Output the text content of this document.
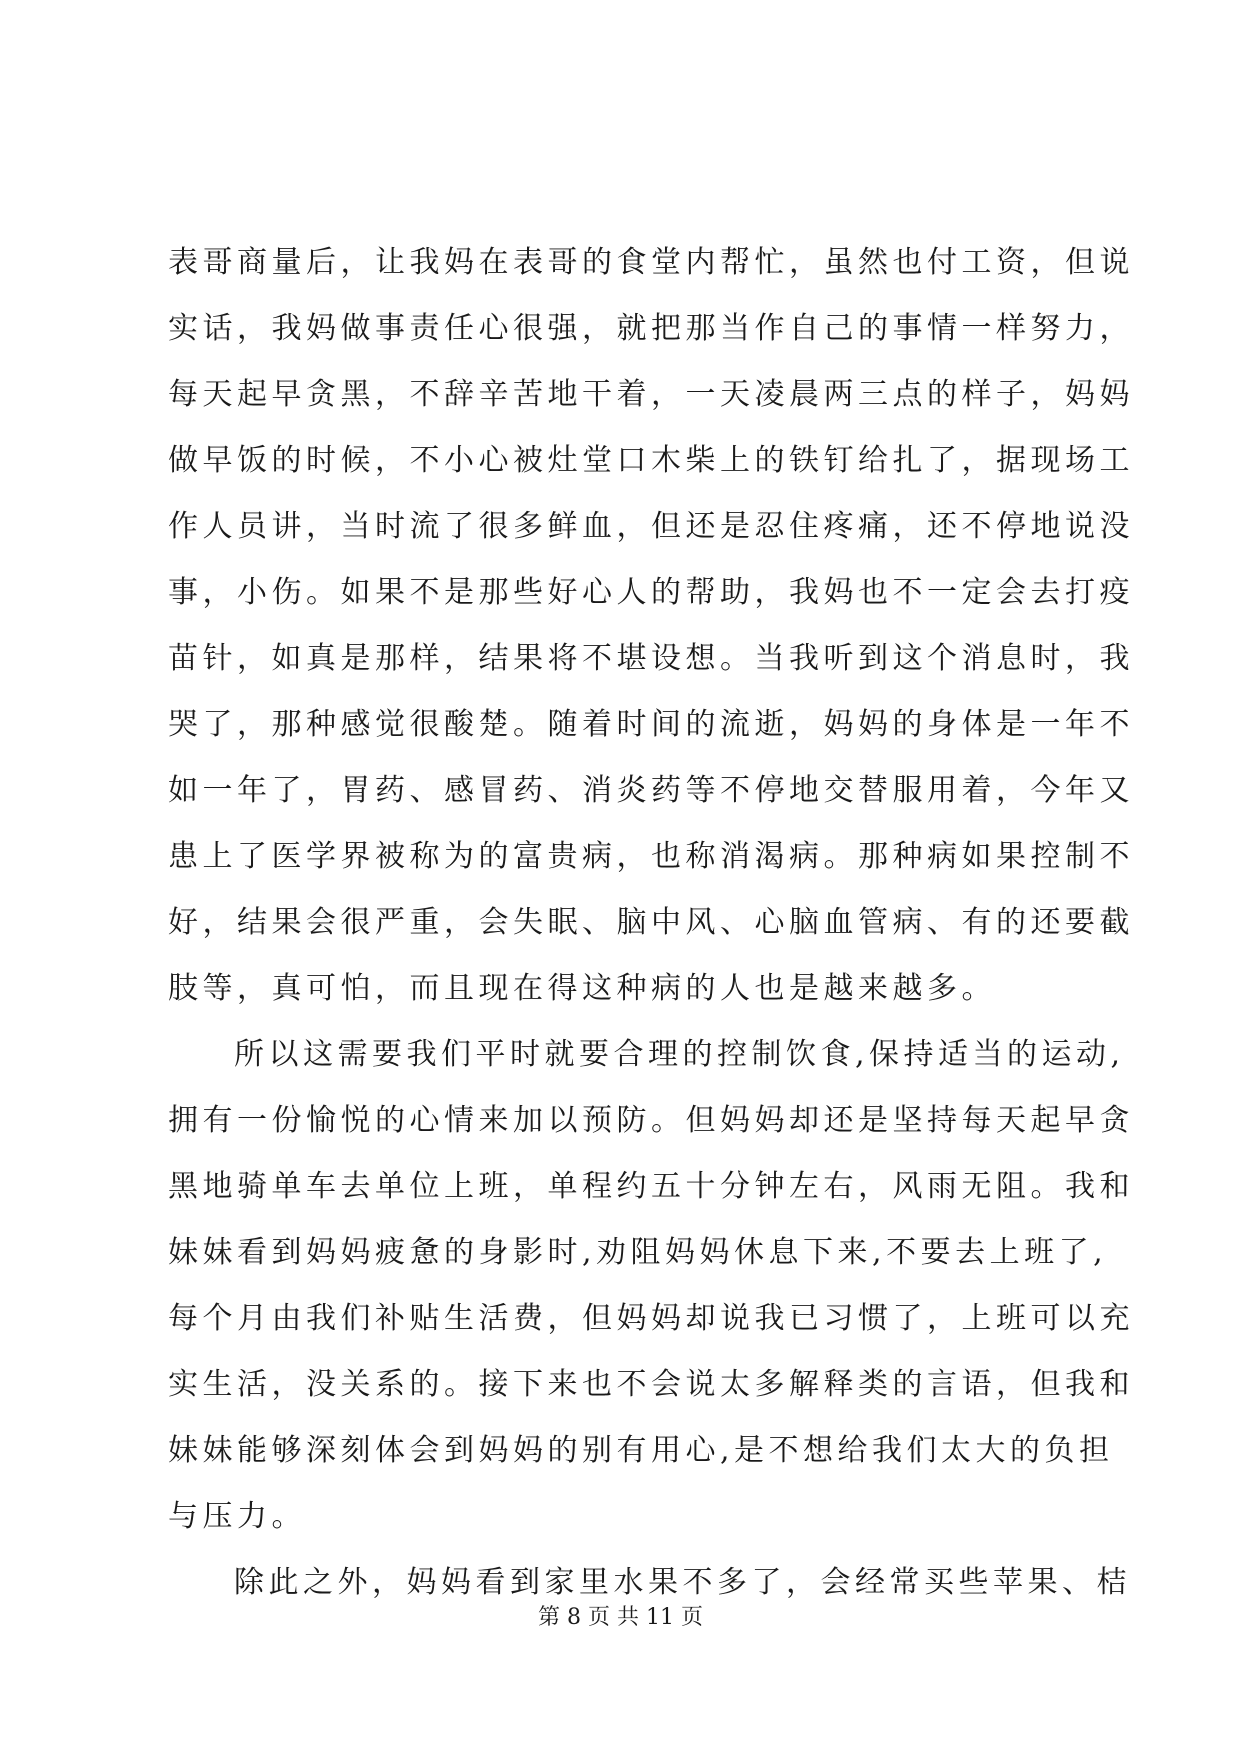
表哥商量后，让我妈在表哥的食堂内帮忙，虽然也付工资，但说
实话，我妈做事责任心很强，就把那当作自己的事情一样努力，
每天起早贪黑，不辞辛苦地干着，一天凌晨两三点的样子，妈妈
做早饭的时候，不小心被灶堂口木柴上的铁钉给扎了，据现场工
作人员讲，当时流了很多鲜血，但还是忍住疼痛，还不停地说没
事，小伤。如果不是那些好心人的帮助，我妈也不一定会去打疫
苗针，如真是那样，结果将不堪设想。当我听到这个消息时，我
哭了，那种感觉很酸楚。随着时间的流逝，妈妈的身体是一年不
如一年了，胃药、感冒药、消炎药等不停地交替服用着，今年又
患上了医学界被称为的富贵病，也称消渴病。那种病如果控制不
好，结果会很严重，会失眠、脑中风、心脑血管病、有的还要截
肢等，真可怕，而且现在得这种病的人也是越来越多。
所以这需要我们平时就要合理的控制饮食,保持适当的运动,
拥有一份愉悦的心情来加以预防。但妈妈却还是坚持每天起早贪
黑地骑单车去单位上班，单程约五十分钟左右，风雨无阻。我和
妹妹看到妈妈疲惫的身影时,劝阻妈妈休息下来,不要去上班了,
每个月由我们补贴生活费，但妈妈却说我已习惯了，上班可以充
实生活，没关系的。接下来也不会说太多解释类的言语，但我和
妹妹能够深刻体会到妈妈的别有用心,是不想给我们太大的负担
与压力。
除此之外，妈妈看到家里水果不多了，会经常买些苹果、桔
第 8 页 共 11 页
